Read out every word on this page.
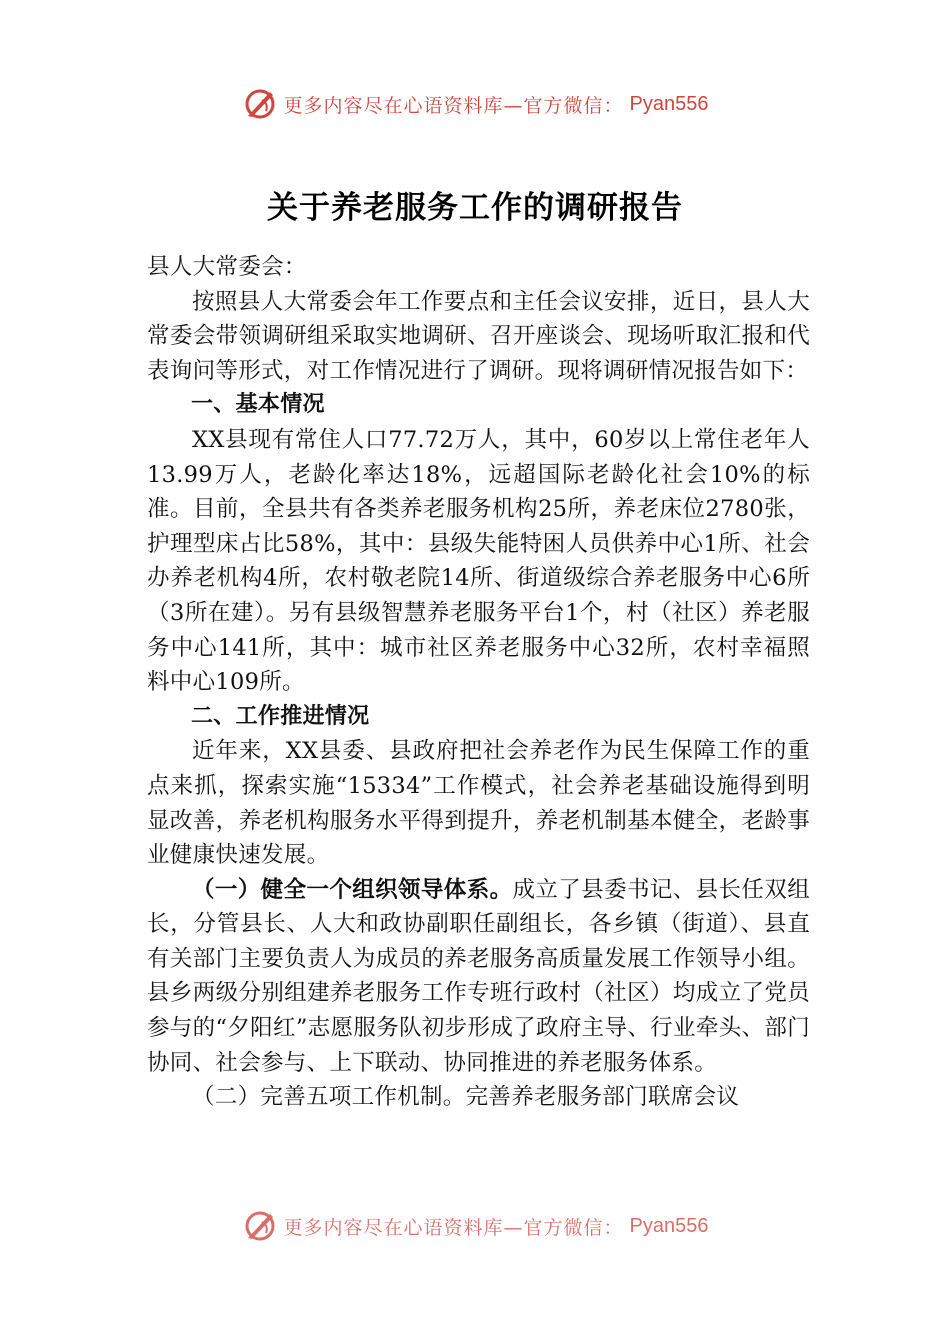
更多内容尽在心语资料库—官方微信： Pyan556
关于养老服务工作的调研报告

县人大常委会：

按照县人大常委会年工作要点和主任会议安排，近日，县人大常委会带领调研组采取实地调研、召开座谈会、现场听取汇报和代表询问等形式，对工作情况进行了调研。现将调研情况报告如下：

一、基本情况

XX县现有常住人口77.72万人，其中，60岁以上常住老年人13.99万人，老龄化率达18%，远超国际老龄化社会10%的标准。目前，全县共有各类养老服务机构25所，养老床位2780张，护理型床占比58%，其中：县级失能特困人员供养中心1所、社会办养老机构4所，农村敬老院14所、街道级综合养老服务中心6所（3所在建）。另有县级智慧养老服务平台1个，村（社区）养老服务中心141所，其中：城市社区养老服务中心32所，农村幸福照料中心109所。

二、工作推进情况

近年来，XX县委、县政府把社会养老作为民生保障工作的重点来抓，探索实施“15334”工作模式，社会养老基础设施得到明显改善，养老机构服务水平得到提升，养老机制基本健全，老龄事业健康快速发展。

（一）健全一个组织领导体系。成立了县委书记、县长任双组长，分管县长、人大和政协副职任副组长，各乡镇（街道）、县直有关部门主要负责人为成员的养老服务高质量发展工作领导小组。县乡两级分别组建养老服务工作专班行政村（社区）均成立了党员参与的“夕阳红”志愿服务队初步形成了政府主导、行业牵头、部门协同、社会参与、上下联动、协同推进的养老服务体系。

（二）完善五项工作机制。完善养老服务部门联席会议

更多内容尽在心语资料库—官方微信： Pyan556
